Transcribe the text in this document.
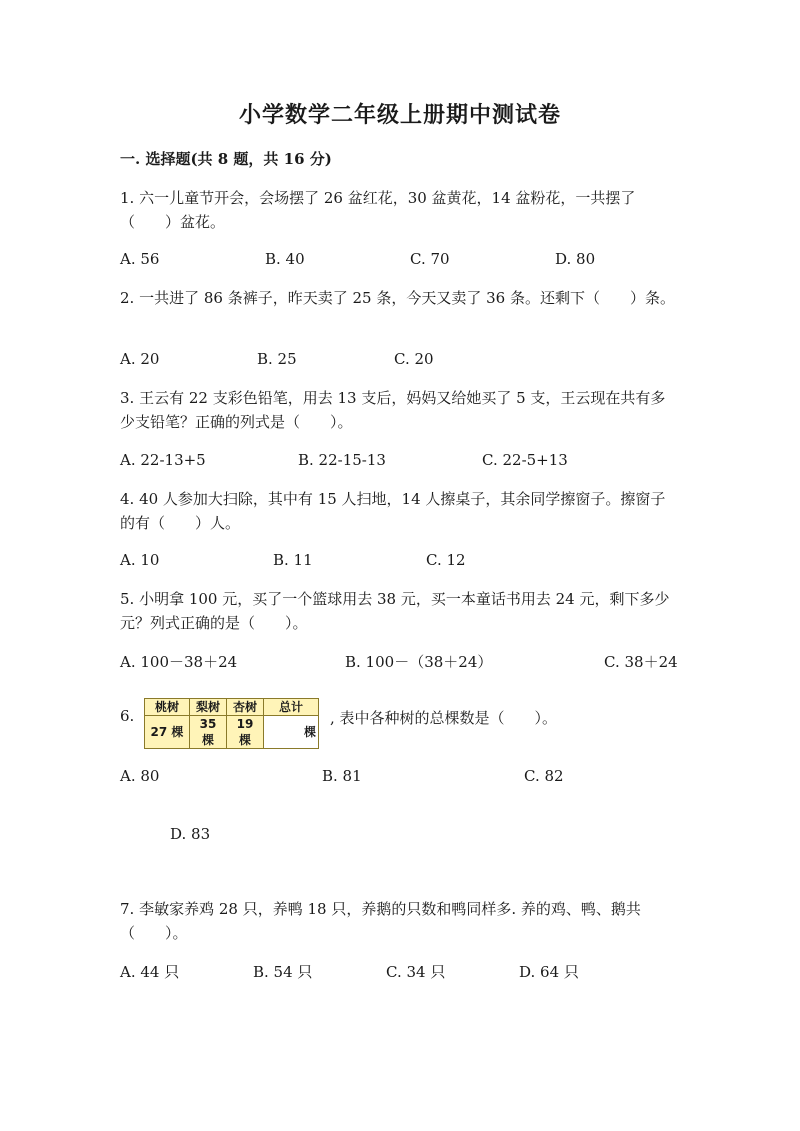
小学数学二年级上册期中测试卷
一. 选择题(共 8 题，共 16 分)
1. 六一儿童节开会，会场摆了 26 盆红花，30 盆黄花，14 盆粉花，一共摆了（　　）盆花。
A. 56	B. 40	C. 70	D. 80
2. 一共进了 86 条裤子，昨天卖了 25 条，今天又卖了 36 条。还剩下（　　）条。
A. 20	B. 25	C. 20
3. 王云有 22 支彩色铅笔，用去 13 支后，妈妈又给她买了 5 支，王云现在共有多少支铅笔？正确的列式是（　　）。
A. 22-13+5	B. 22-15-13	C. 22-5+13
4. 40 人参加大扫除，其中有 15 人扫地，14 人擦桌子，其余同学擦窗子。擦窗子的有（　　）人。
A. 10	B. 11	C. 12
5. 小明拿 100 元，买了一个篮球用去 38 元，买一本童话书用去 24 元，剩下多少元？列式正确的是（　　）。
A. 100－38＋24	B. 100－（38＋24）	C. 38＋24
6. 桃树	梨树	杏树	总计
27 棵	35 棵	19 棵	棵
, 表中各种树的总棵数是（　　）。
A. 80	B. 81	C. 82
D. 83
7. 李敏家养鸡 28 只，养鸭 18 只，养鹅的只数和鸭同样多. 养的鸡、鸭、鹅共（　　）。
A. 44 只	B. 54 只	C. 34 只	D. 64 只
